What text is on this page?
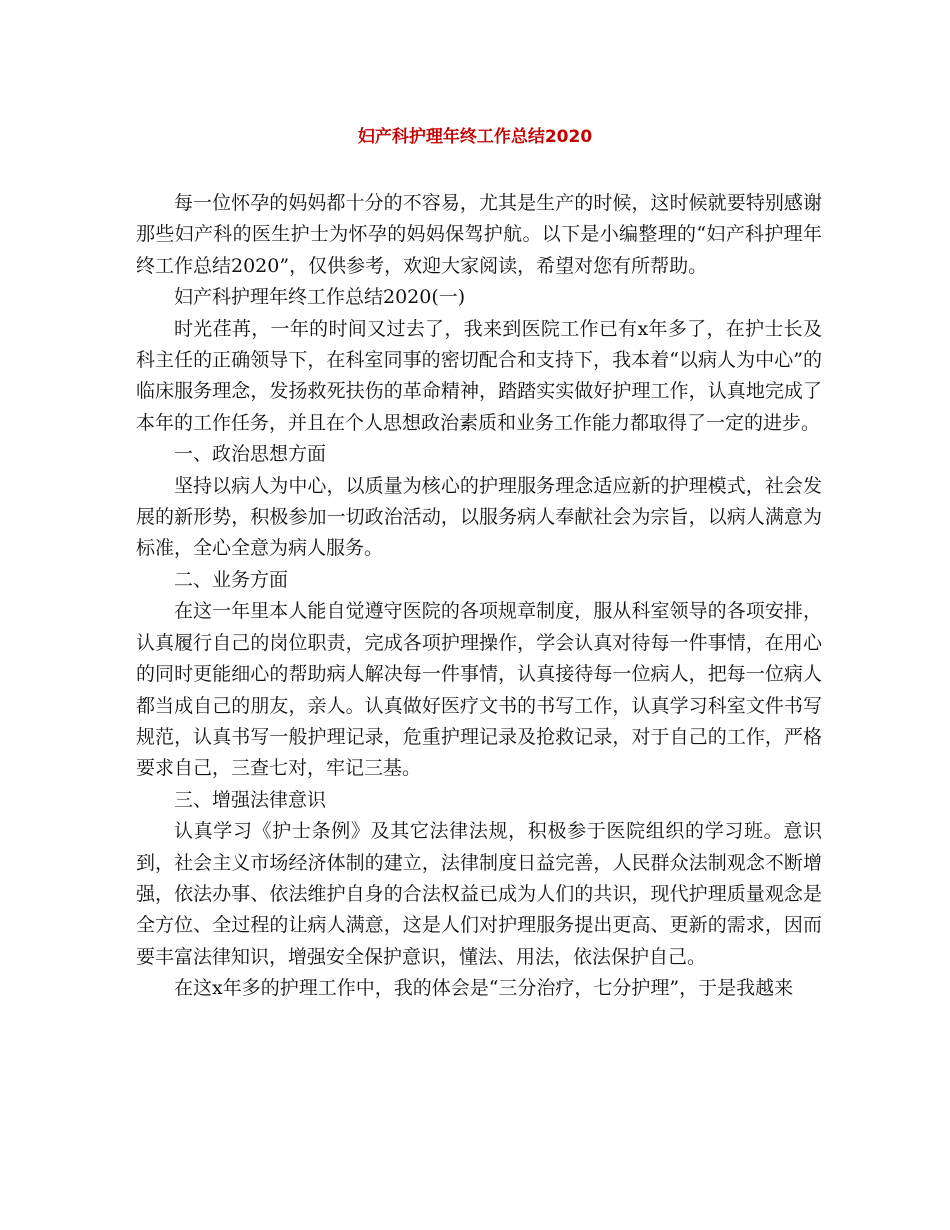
妇产科护理年终工作总结2020

每一位怀孕的妈妈都十分的不容易，尤其是生产的时候，这时候就要特别感谢那些妇产科的医生护士为怀孕的妈妈保驾护航。以下是小编整理的“妇产科护理年终工作总结2020”，仅供参考，欢迎大家阅读，希望对您有所帮助。

妇产科护理年终工作总结2020(一)

时光荏苒，一年的时间又过去了，我来到医院工作已有x年多了，在护士长及科主任的正确领导下，在科室同事的密切配合和支持下，我本着“以病人为中心”的临床服务理念，发扬救死扶伤的革命精神，踏踏实实做好护理工作，认真地完成了本年的工作任务，并且在个人思想政治素质和业务工作能力都取得了一定的进步。

一、政治思想方面

坚持以病人为中心，以质量为核心的护理服务理念适应新的护理模式，社会发展的新形势，积极参加一切政治活动，以服务病人奉献社会为宗旨，以病人满意为标准，全心全意为病人服务。

二、业务方面

在这一年里本人能自觉遵守医院的各项规章制度，服从科室领导的各项安排，认真履行自己的岗位职责，完成各项护理操作，学会认真对待每一件事情，在用心的同时更能细心的帮助病人解决每一件事情，认真接待每一位病人，把每一位病人都当成自己的朋友，亲人。认真做好医疗文书的书写工作，认真学习科室文件书写规范，认真书写一般护理记录，危重护理记录及抢救记录，对于自己的工作，严格要求自己，三查七对，牢记三基。

三、增强法律意识

认真学习《护士条例》及其它法律法规，积极参于医院组织的学习班。意识到，社会主义市场经济体制的建立，法律制度日益完善，人民群众法制观念不断增强，依法办事、依法维护自身的合法权益已成为人们的共识，现代护理质量观念是全方位、全过程的让病人满意，这是人们对护理服务提出更高、更新的需求，因而要丰富法律知识，增强安全保护意识，懂法、用法，依法保护自己。

在这x年多的护理工作中，我的体会是“三分治疗，七分护理”，于是我越来
